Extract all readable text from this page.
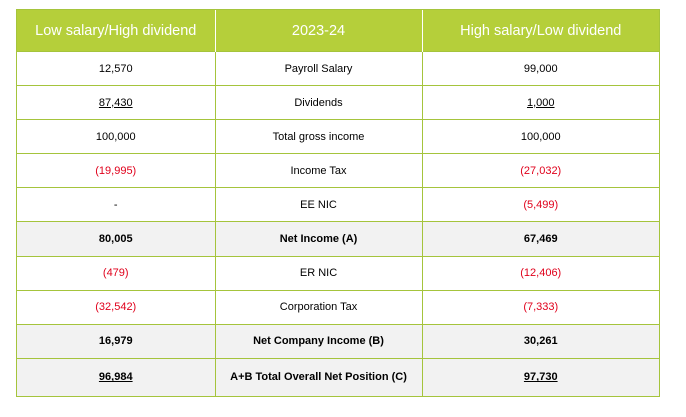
Low salary/High dividend	2023-24	High salary/Low dividend
12,570	Payroll Salary	99,000
87,430	Dividends	1,000
100,000	Total gross income	100,000
(19,995)	Income Tax	(27,032)
-	EE NIC	(5,499)
80,005	Net Income (A)	67,469
(479)	ER NIC	(12,406)
(32,542)	Corporation Tax	(7,333)
16,979	Net Company Income (B)	30,261
96,984	A+B Total Overall Net Position (C)	97,730
